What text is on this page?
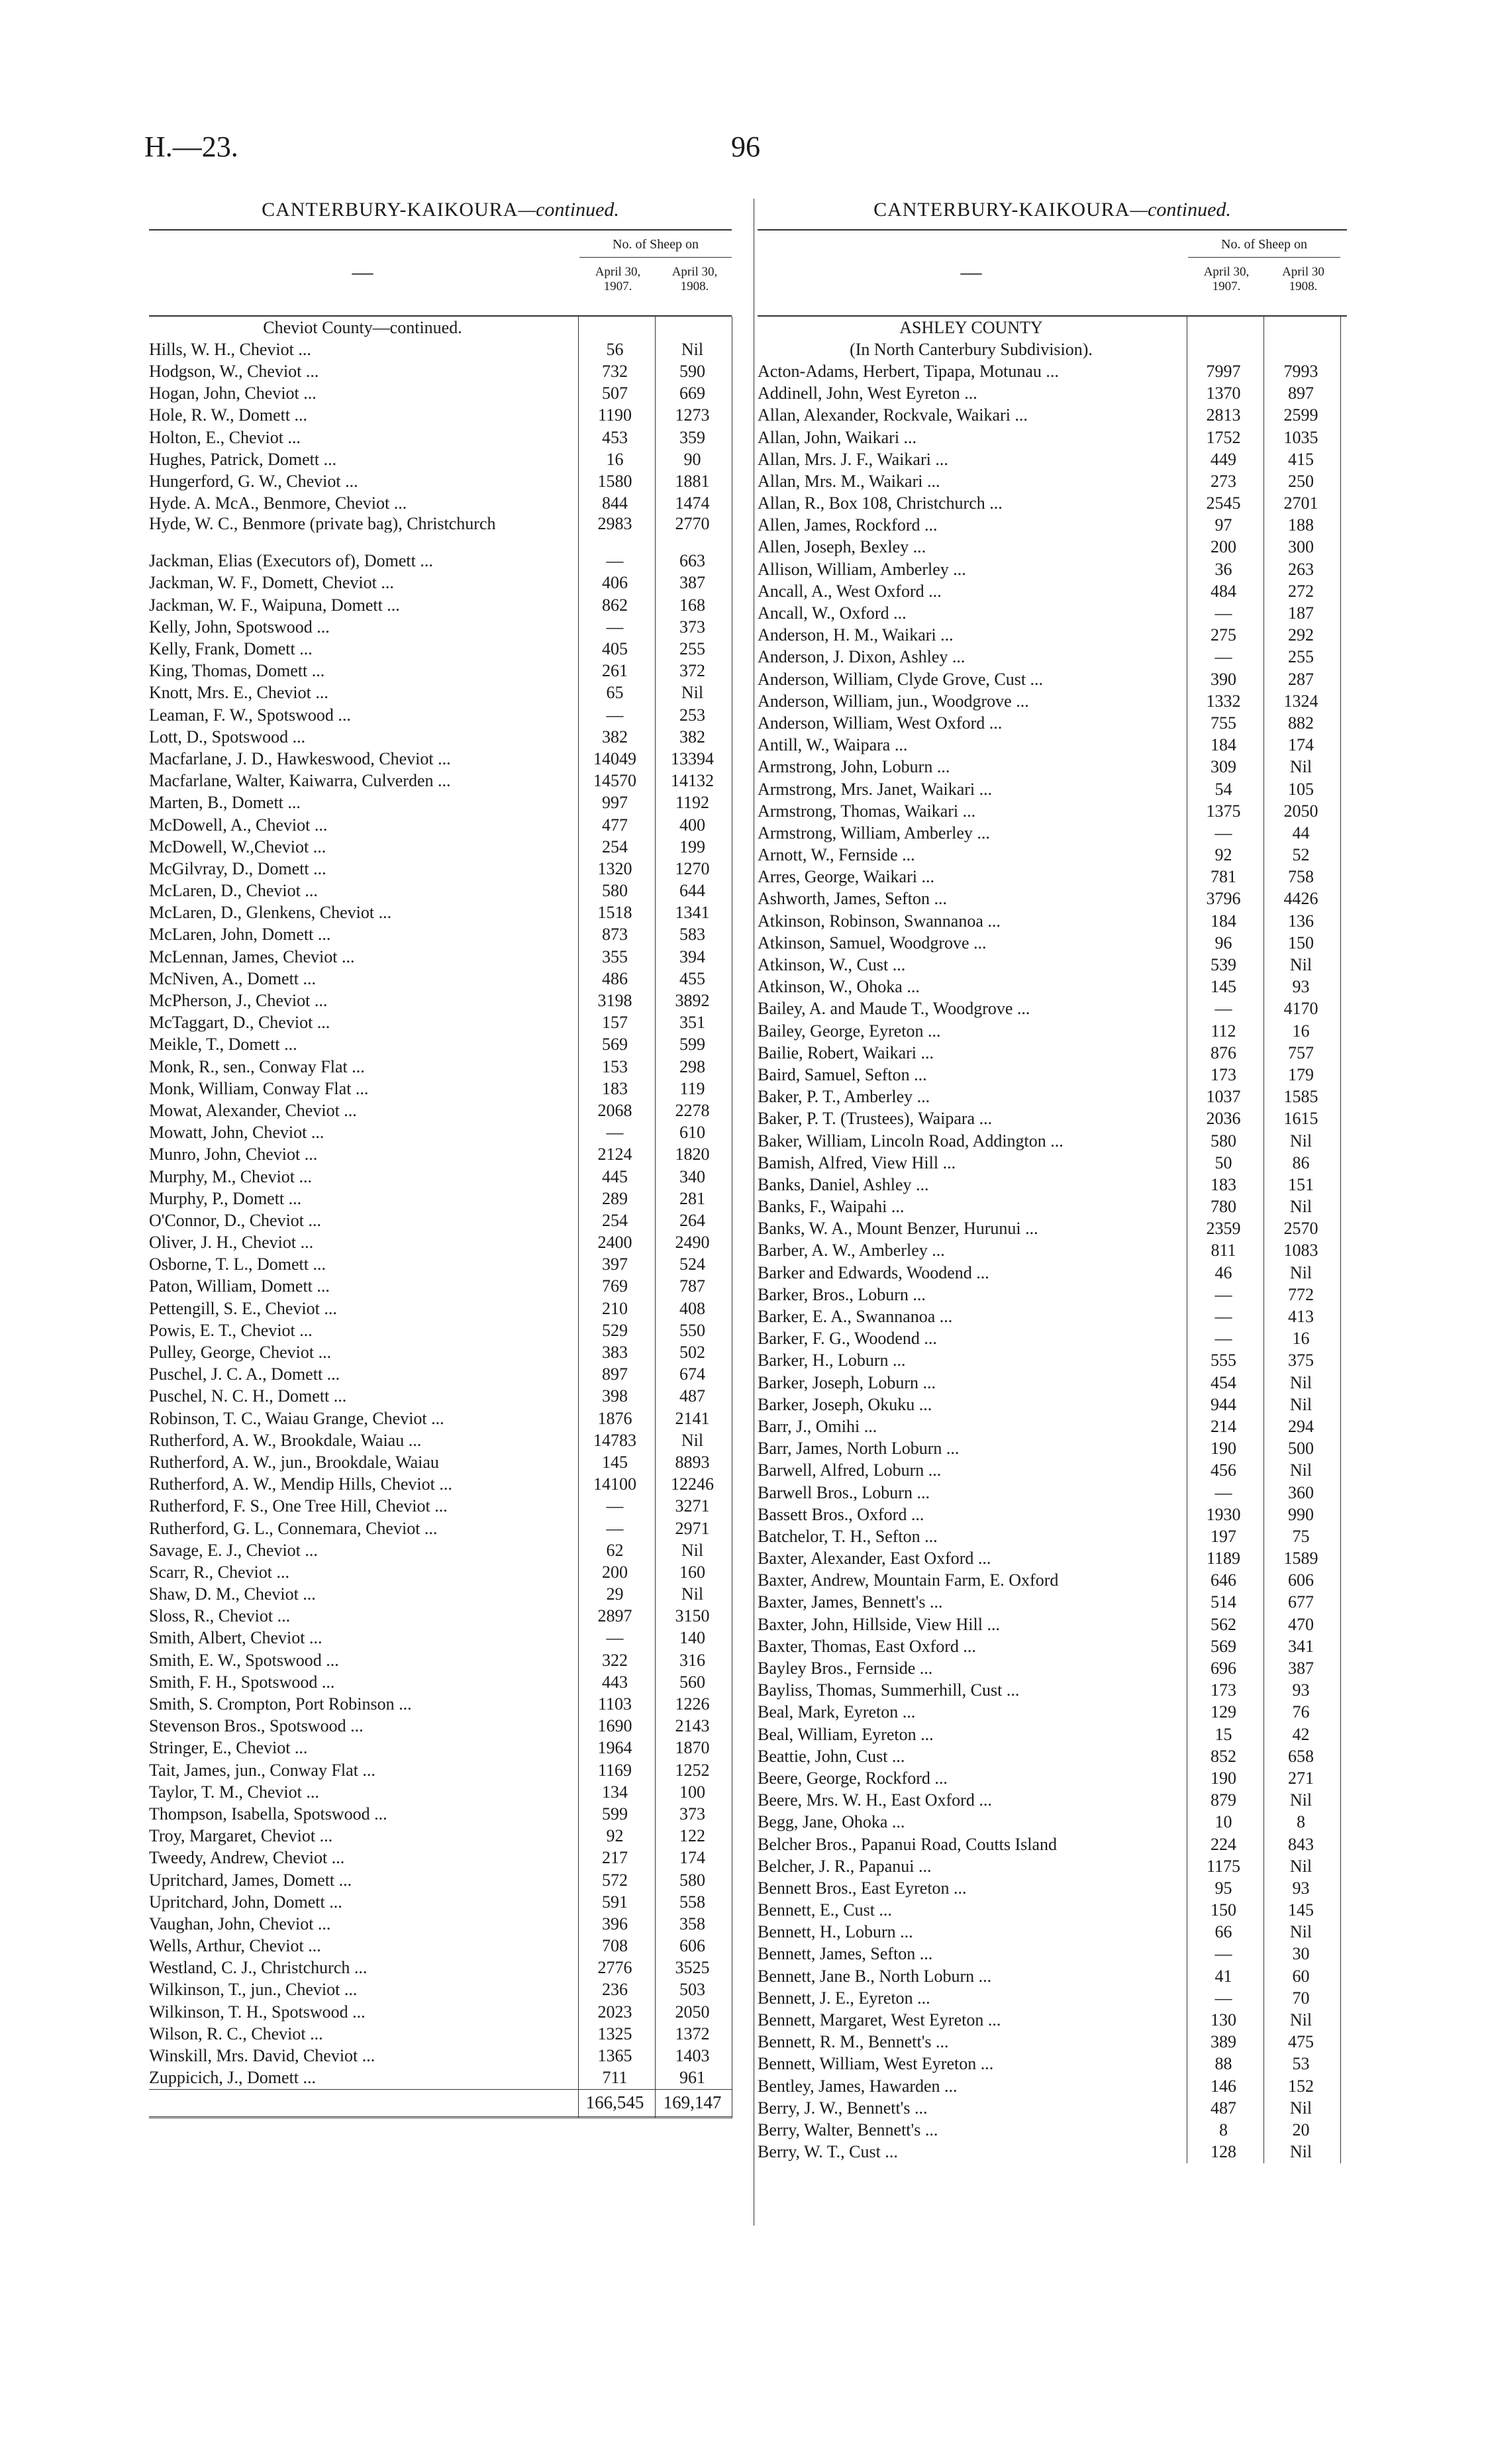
H.—23.	96
CANTERBURY-KAIKOURA—continued.
—
No. of Sheep on
April 30,
1907.
April 30,
1908.
Cheviot County—continued.
Hills, W. H., Cheviot ...	56	Nil
Hodgson, W., Cheviot ...	732	590
Hogan, John, Cheviot ...	507	669
Hole, R. W., Domett ...	1190	1273
Holton, E., Cheviot ...	453	359
Hughes, Patrick, Domett ...	16	90
Hungerford, G. W., Cheviot ...	1580	1881
Hyde. A. McA., Benmore, Cheviot ...	844	1474
Hyde, W. C., Benmore (private bag), Christchurch	2983	2770
Jackman, Elias (Executors of), Domett ...	—	663
Jackman, W. F., Domett, Cheviot ...	406	387
Jackman, W. F., Waipuna, Domett ...	862	168
Kelly, John, Spotswood ...	—	373
Kelly, Frank, Domett ...	405	255
King, Thomas, Domett ...	261	372
Knott, Mrs. E., Cheviot ...	65	Nil
Leaman, F. W., Spotswood ...	—	253
Lott, D., Spotswood ...	382	382
Macfarlane, J. D., Hawkeswood, Cheviot ...	14049	13394
Macfarlane, Walter, Kaiwarra, Culverden ...	14570	14132
Marten, B., Domett ...	997	1192
McDowell, A., Cheviot ...	477	400
McDowell, W.,Cheviot ...	254	199
McGilvray, D., Domett ...	1320	1270
McLaren, D., Cheviot ...	580	644
McLaren, D., Glenkens, Cheviot ...	1518	1341
McLaren, John, Domett ...	873	583
McLennan, James, Cheviot ...	355	394
McNiven, A., Domett ...	486	455
McPherson, J., Cheviot ...	3198	3892
McTaggart, D., Cheviot ...	157	351
Meikle, T., Domett ...	569	599
Monk, R., sen., Conway Flat ...	153	298
Monk, William, Conway Flat ...	183	119
Mowat, Alexander, Cheviot ...	2068	2278
Mowatt, John, Cheviot ...	—	610
Munro, John, Cheviot ...	2124	1820
Murphy, M., Cheviot ...	445	340
Murphy, P., Domett ...	289	281
O'Connor, D., Cheviot ...	254	264
Oliver, J. H., Cheviot ...	2400	2490
Osborne, T. L., Domett ...	397	524
Paton, William, Domett ...	769	787
Pettengill, S. E., Cheviot ...	210	408
Powis, E. T., Cheviot ...	529	550
Pulley, George, Cheviot ...	383	502
Puschel, J. C. A., Domett ...	897	674
Puschel, N. C. H., Domett ...	398	487
Robinson, T. C., Waiau Grange, Cheviot ...	1876	2141
Rutherford, A. W., Brookdale, Waiau ...	14783	Nil
Rutherford, A. W., jun., Brookdale, Waiau	145	8893
Rutherford, A. W., Mendip Hills, Cheviot ...	14100	12246
Rutherford, F. S., One Tree Hill, Cheviot ...	—	3271
Rutherford, G. L., Connemara, Cheviot ...	—	2971
Savage, E. J., Cheviot ...	62	Nil
Scarr, R., Cheviot ...	200	160
Shaw, D. M., Cheviot ...	29	Nil
Sloss, R., Cheviot ...	2897	3150
Smith, Albert, Cheviot ...	—	140
Smith, E. W., Spotswood ...	322	316
Smith, F. H., Spotswood ...	443	560
Smith, S. Crompton, Port Robinson ...	1103	1226
Stevenson Bros., Spotswood ...	1690	2143
Stringer, E., Cheviot ...	1964	1870
Tait, James, jun., Conway Flat ...	1169	1252
Taylor, T. M., Cheviot ...	134	100
Thompson, Isabella, Spotswood ...	599	373
Troy, Margaret, Cheviot ...	92	122
Tweedy, Andrew, Cheviot ...	217	174
Upritchard, James, Domett ...	572	580
Upritchard, John, Domett ...	591	558
Vaughan, John, Cheviot ...	396	358
Wells, Arthur, Cheviot ...	708	606
Westland, C. J., Christchurch ...	2776	3525
Wilkinson, T., jun., Cheviot ...	236	503
Wilkinson, T. H., Spotswood ...	2023	2050
Wilson, R. C., Cheviot ...	1325	1372
Winskill, Mrs. David, Cheviot ...	1365	1403
Zuppicich, J., Domett ...	711	961
166,545	169,147
CANTERBURY-KAIKOURA—continued.
—
No. of Sheep on
April 30,
1907.
April 30
1908.
ASHLEY COUNTY
(In North Canterbury Subdivision).
Acton-Adams, Herbert, Tipapa, Motunau ...	7997	7993
Addinell, John, West Eyreton ...	1370	897
Allan, Alexander, Rockvale, Waikari ...	2813	2599
Allan, John, Waikari ...	1752	1035
Allan, Mrs. J. F., Waikari ...	449	415
Allan, Mrs. M., Waikari ...	273	250
Allan, R., Box 108, Christchurch ...	2545	2701
Allen, James, Rockford ...	97	188
Allen, Joseph, Bexley ...	200	300
Allison, William, Amberley ...	36	263
Ancall, A., West Oxford ...	484	272
Ancall, W., Oxford ...	—	187
Anderson, H. M., Waikari ...	275	292
Anderson, J. Dixon, Ashley ...	—	255
Anderson, William, Clyde Grove, Cust ...	390	287
Anderson, William, jun., Woodgrove ...	1332	1324
Anderson, William, West Oxford ...	755	882
Antill, W., Waipara ...	184	174
Armstrong, John, Loburn ...	309	Nil
Armstrong, Mrs. Janet, Waikari ...	54	105
Armstrong, Thomas, Waikari ...	1375	2050
Armstrong, William, Amberley ...	—	44
Arnott, W., Fernside ...	92	52
Arres, George, Waikari ...	781	758
Ashworth, James, Sefton ...	3796	4426
Atkinson, Robinson, Swannanoa ...	184	136
Atkinson, Samuel, Woodgrove ...	96	150
Atkinson, W., Cust ...	539	Nil
Atkinson, W., Ohoka ...	145	93
Bailey, A. and Maude T., Woodgrove ...	—	4170
Bailey, George, Eyreton ...	112	16
Bailie, Robert, Waikari ...	876	757
Baird, Samuel, Sefton ...	173	179
Baker, P. T., Amberley ...	1037	1585
Baker, P. T. (Trustees), Waipara ...	2036	1615
Baker, William, Lincoln Road, Addington ...	580	Nil
Bamish, Alfred, View Hill ...	50	86
Banks, Daniel, Ashley ...	183	151
Banks, F., Waipahi ...	780	Nil
Banks, W. A., Mount Benzer, Hurunui ...	2359	2570
Barber, A. W., Amberley ...	811	1083
Barker and Edwards, Woodend ...	46	Nil
Barker, Bros., Loburn ...	—	772
Barker, E. A., Swannanoa ...	—	413
Barker, F. G., Woodend ...	—	16
Barker, H., Loburn ...	555	375
Barker, Joseph, Loburn ...	454	Nil
Barker, Joseph, Okuku ...	944	Nil
Barr, J., Omihi ...	214	294
Barr, James, North Loburn ...	190	500
Barwell, Alfred, Loburn ...	456	Nil
Barwell Bros., Loburn ...	—	360
Bassett Bros., Oxford ...	1930	990
Batchelor, T. H., Sefton ...	197	75
Baxter, Alexander, East Oxford ...	1189	1589
Baxter, Andrew, Mountain Farm, E. Oxford	646	606
Baxter, James, Bennett's ...	514	677
Baxter, John, Hillside, View Hill ...	562	470
Baxter, Thomas, East Oxford ...	569	341
Bayley Bros., Fernside ...	696	387
Bayliss, Thomas, Summerhill, Cust ...	173	93
Beal, Mark, Eyreton ...	129	76
Beal, William, Eyreton ...	15	42
Beattie, John, Cust ...	852	658
Beere, George, Rockford ...	190	271
Beere, Mrs. W. H., East Oxford ...	879	Nil
Begg, Jane, Ohoka ...	10	8
Belcher Bros., Papanui Road, Coutts Island	224	843
Belcher, J. R., Papanui ...	1175	Nil
Bennett Bros., East Eyreton ...	95	93
Bennett, E., Cust ...	150	145
Bennett, H., Loburn ...	66	Nil
Bennett, James, Sefton ...	—	30
Bennett, Jane B., North Loburn ...	41	60
Bennett, J. E., Eyreton ...	—	70
Bennett, Margaret, West Eyreton ...	130	Nil
Bennett, R. M., Bennett's ...	389	475
Bennett, William, West Eyreton ...	88	53
Bentley, James, Hawarden ...	146	152
Berry, J. W., Bennett's ...	487	Nil
Berry, Walter, Bennett's ...	8	20
Berry, W. T., Cust ...	128	Nil
